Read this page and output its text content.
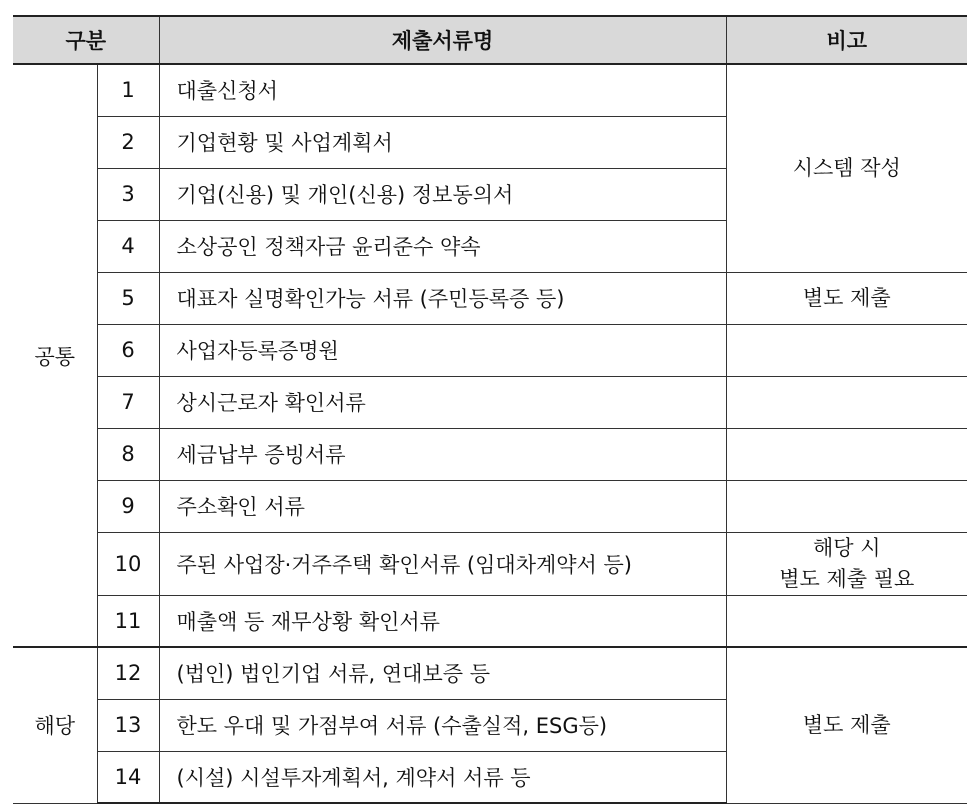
구분		제출서류명	비고
공통	1	대출신청서	시스템 작성
	2	기업현황 및 사업계획서	
	3	기업(신용) 및 개인(신용) 정보동의서	
	4	소상공인 정책자금 윤리준수 약속	
	5	대표자 실명확인가능 서류 (주민등록증 등)	별도 제출
	6	사업자등록증명원	
	7	상시근로자 확인서류	
	8	세금납부 증빙서류	
	9	주소확인 서류	
	10	주된 사업장·거주주택 확인서류 (임대차계약서 등)	해당 시
별도 제출 필요

	11	매출액 등 재무상황 확인서류	
해당	12	(법인) 법인기업 서류, 연대보증 등	별도 제출
	13	한도 우대 및 가점부여 서류 (수출실적, ESG등)	
	14	(시설) 시설투자계획서, 계약서 서류 등	
